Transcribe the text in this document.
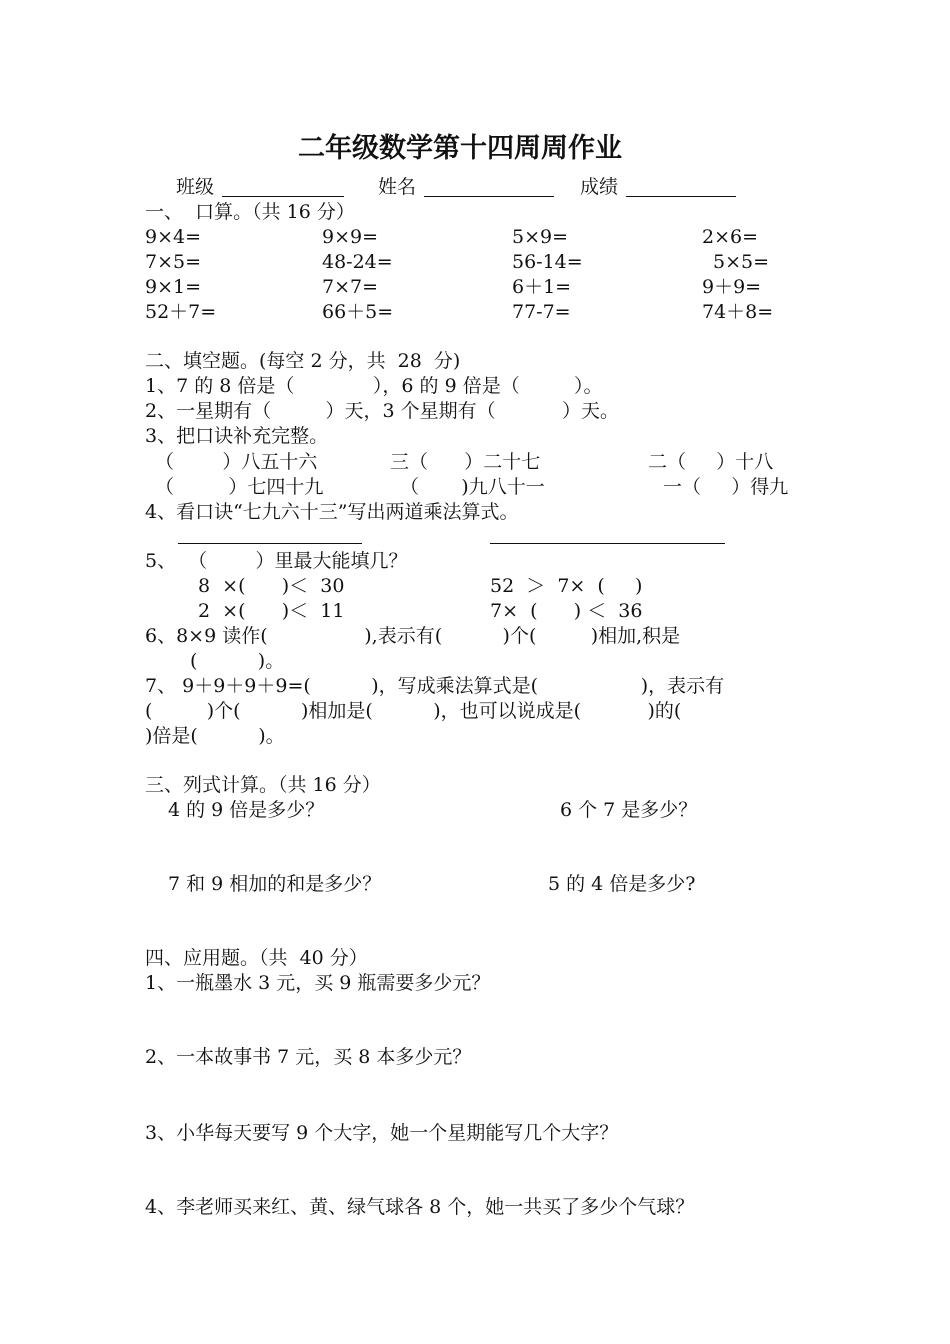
二年级数学第十四周周作业
班级	姓名	成绩
一、  口算。（共 16 分）
9×4=	9×9=	5×9=	2×6=
7×5=	48-24=	56-14=	5×5=
9×1=	7×7=	6＋1=	9＋9=
52＋7=	66＋5=	77-7=	74＋8=
二、填空题。(每空 2 分，共  28  分)
1、7 的 8 倍是（             ），6 的 9 倍是（         ）。
2、一星期有（         ）天，3 个星期有（           ）天。
3、把口诀补充完整。
（        ）八五十六	三（      ）二十七	二（     ）十八
（         ）七四十九	（       )九八十一	一（     ）得九
4、看口诀“七九六十三”写出两道乘法算式。
5、  （        ）里最大能填几？
8  ×(      )＜  30	52  ＞  7×  (     )
2  ×(      )＜  11	7×  (      ) ＜  36
6、8×9 读作(                ),表示有(          )个(         )相加,积是
(          )。
7、 9＋9＋9＋9=(          )，写成乘法算式是(                 )，表示有
(         )个(          )相加是(          )，也可以说成是(           )的(
)倍是(          )。
三、列式计算。（共 16 分）
4 的 9 倍是多少？	6 个 7 是多少？
7 和 9 相加的和是多少？	5 的 4 倍是多少?
四、应用题。（共  40 分）
1、一瓶墨水 3 元，买 9 瓶需要多少元？
2、一本故事书 7 元，买 8 本多少元？
3、小华每天要写 9 个大字，她一个星期能写几个大字？
4、李老师买来红、黄、绿气球各 8 个，她一共买了多少个气球？
